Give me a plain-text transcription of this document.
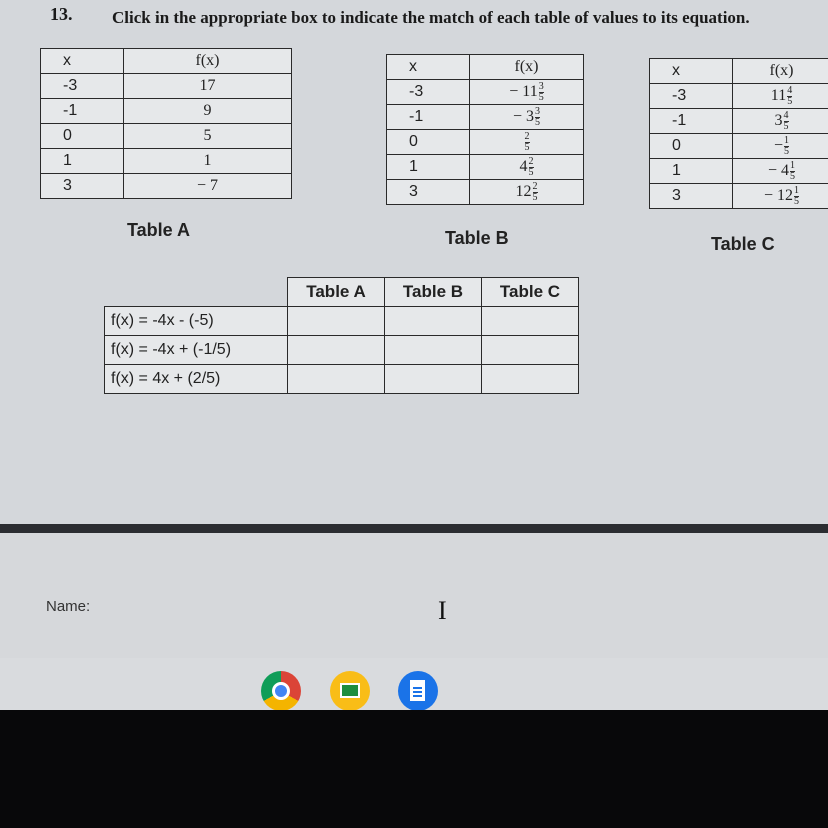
13. Click in the appropriate box to indicate the match of each table of values to its equation.
x	f(x)
-3	17
-1	9
0	5
1	1
3	− 7
Table A
x	f(x)
-3	− $11 \frac{3}{5}$

-1	− $3 \frac{3}{5}$

0	$\frac{2}{5}$

1	$4 \frac{2}{5}$

3	$12 \frac{2}{5}$
Table B
x	f(x)
-3	$11 \frac{4}{5}$

-1	$3 \frac{4}{5}$

0	− $\frac{1}{5}$

1	− $4 \frac{1}{5}$

3	− $12 \frac{1}{5}$
Table C
	Table A	Table B	Table C
f(x) = -4x - (-5)			
f(x) = -4x + (-1/5)			
f(x) = 4x + (2/5)			
Name:	I
